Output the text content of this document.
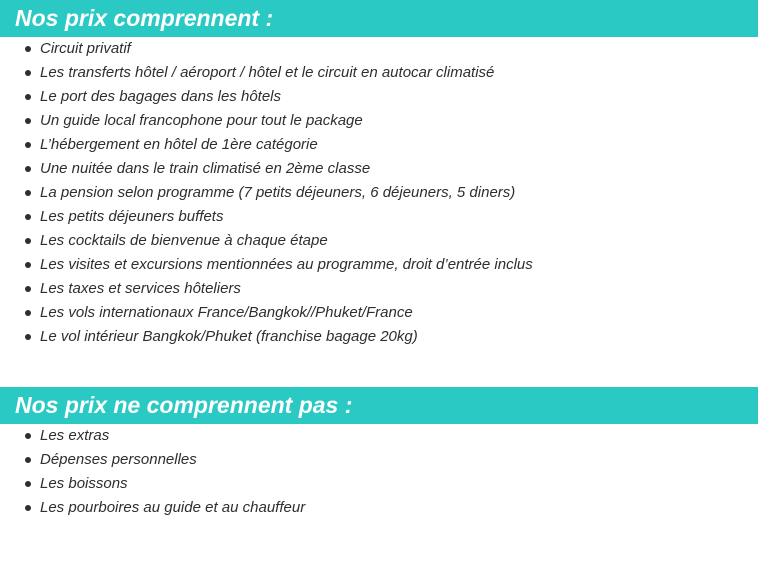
Nos prix comprennent :
Circuit privatif
Les transferts hôtel / aéroport / hôtel et le circuit en autocar climatisé
Le port des bagages dans les hôtels
Un guide local francophone pour tout le package
L’hébergement en hôtel de 1ère catégorie
Une nuitée dans le train climatisé en 2ème classe
La pension selon programme (7 petits déjeuners, 6 déjeuners, 5 diners)
Les petits déjeuners buffets
Les cocktails de bienvenue à chaque étape
Les visites et excursions mentionnées au programme, droit d’entrée inclus
Les taxes et services hôteliers
Les vols internationaux France/Bangkok//Phuket/France
Le vol intérieur Bangkok/Phuket (franchise bagage 20kg)
Nos prix ne comprennent pas :
Les extras
Dépenses personnelles
Les boissons
Les pourboires au guide et au chauffeur
